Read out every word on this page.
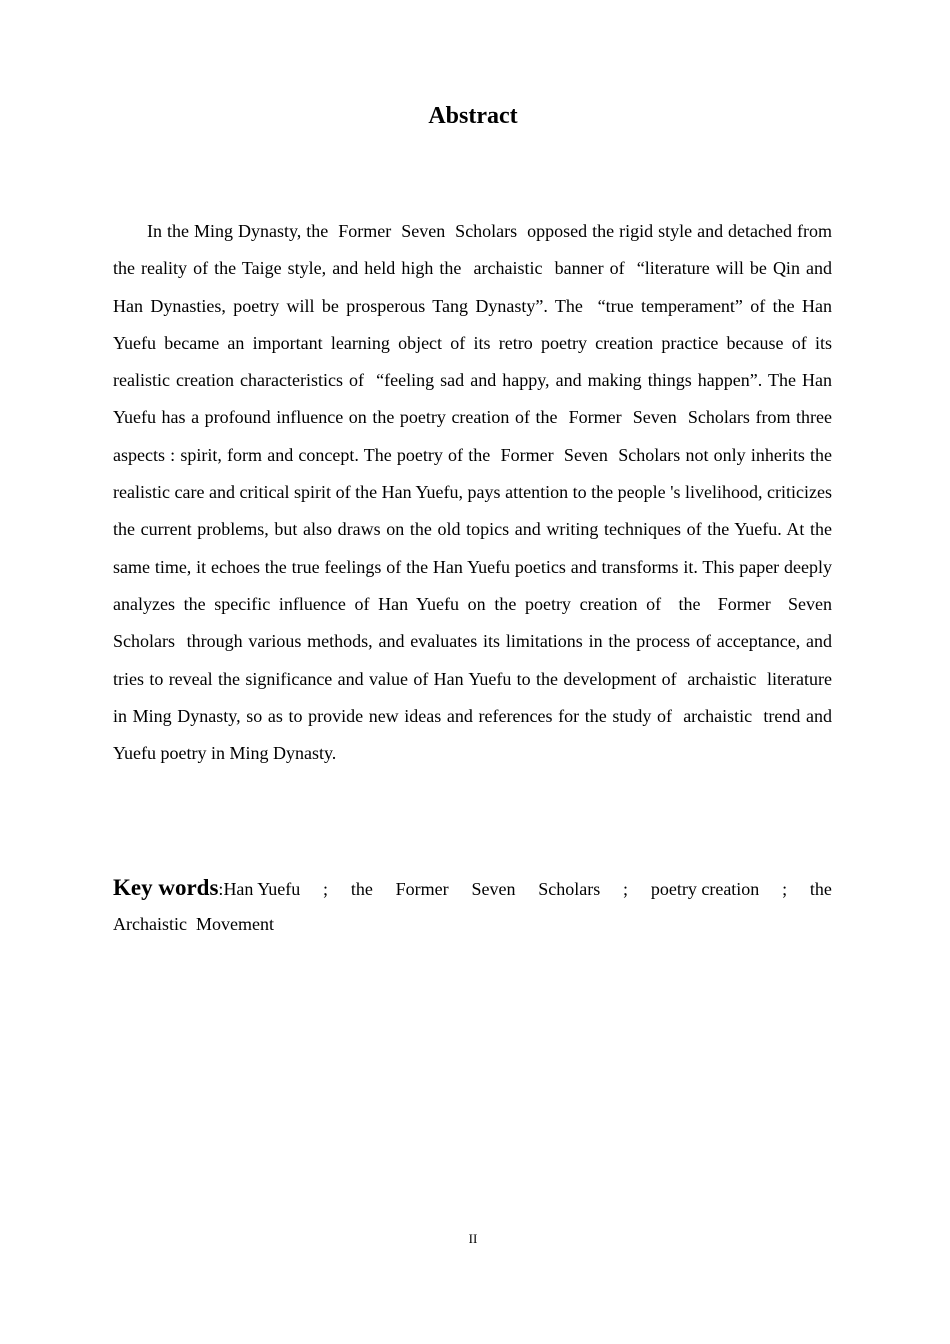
Abstract

In the Ming Dynasty, the  Former  Seven  Scholars  opposed the rigid style and detached from the reality of the Taige style, and held high the  archaistic  banner of  “literature will be Qin and Han Dynasties, poetry will be prosperous Tang Dynasty”. The  “true temperament” of the Han Yuefu became an important learning object of its retro poetry creation practice because of its realistic creation characteristics of  “feeling sad and happy, and making things happen”. The Han Yuefu has a profound influence on the poetry creation of the  Former  Seven  Scholars from three aspects : spirit, form and concept. The poetry of the  Former  Seven  Scholars not only inherits the realistic care and critical spirit of the Han Yuefu, pays attention to the people 's livelihood, criticizes the current problems, but also draws on the old topics and writing techniques of the Yuefu. At the same time, it echoes the true feelings of the Han Yuefu poetics and transforms it. This paper deeply analyzes the specific influence of Han Yuefu on the poetry creation of  the  Former  Seven  Scholars  through various methods, and evaluates its limitations in the process of acceptance, and tries to reveal the significance and value of Han Yuefu to the development of  archaistic  literature in Ming Dynasty, so as to provide new ideas and references for the study of  archaistic  trend and Yuefu poetry in Ming Dynasty.

Key words:Han Yuefu ; the Former Seven Scholars ; poetry creation ; the
Archaistic  Movement
II
